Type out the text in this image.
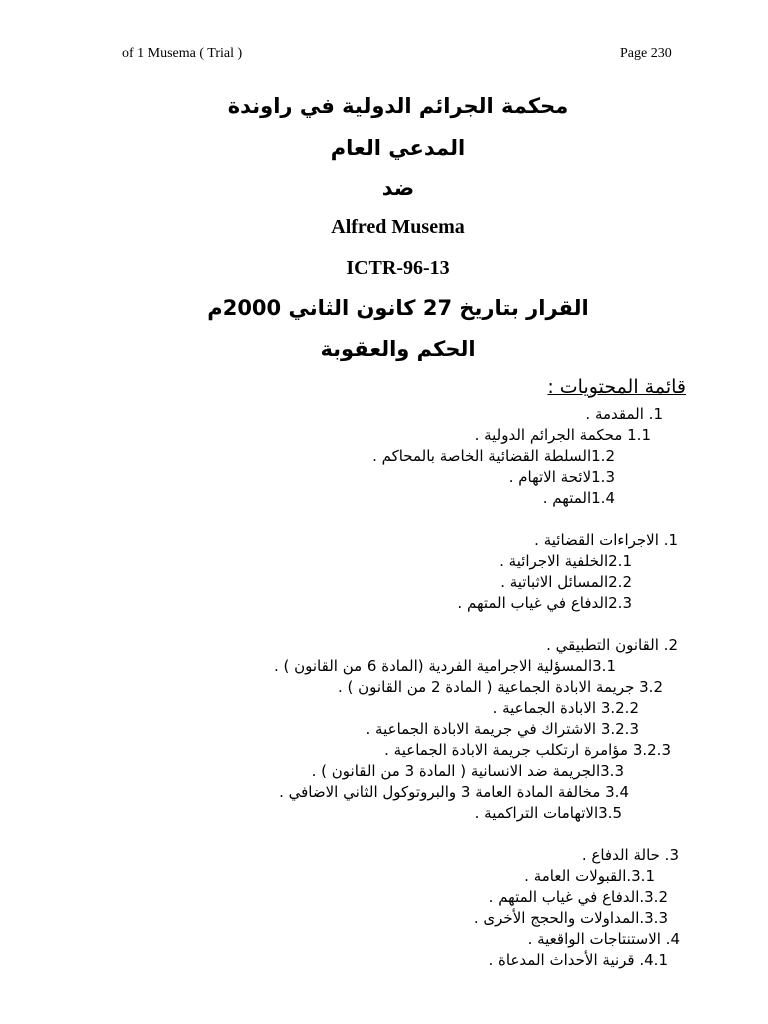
of 1 Musema ( Trial )	Page 230
محكمة الجرائم الدولية في راوندة
المدعي العام
ضد
Alfred Musema
ICTR-96-13
القرار بتاريخ 27 كانون الثاني 2000م
الحكم والعقوبة
قائمة المحتويات :
1. المقدمة .
1.1 محكمة الجرائم الدولية .
1.2السلطة القضائية الخاصة بالمحاكم .
1.3لائحة الاتهام .
1.4المتهم .
1. الاجراءات القضائية .
2.1الخلفية الاجرائية .
2.2المسائل الاثباتية .
2.3الدفاع في غياب المتهم .
2. القانون التطبيقي .
3.1المسؤلية الاجرامية الفردية (المادة 6 من القانون ) .
3.2 جريمة الابادة الجماعية ( المادة 2 من القانون ) .
3.2.2 الابادة الجماعية .
3.2.3 الاشتراك في جريمة الابادة الجماعية .
3.2.3 مؤامرة ارتكلب جريمة الابادة الجماعية .
3.3الجريمة ضد الانسانية ( المادة 3 من القانون ) .
3.4 مخالفة المادة العامة 3 والبروتوكول الثاني الاضافي .
3.5الاتهامات التراكمية .
3. حالة الدفاع .
3.1.القبولات العامة .
3.2.الدفاع في غياب المتهم .
3.3.المداولات والحجج الأخرى .
4. الاستنتاجات الواقعية .
4.1. قرنية الأحداث المدعاة .
